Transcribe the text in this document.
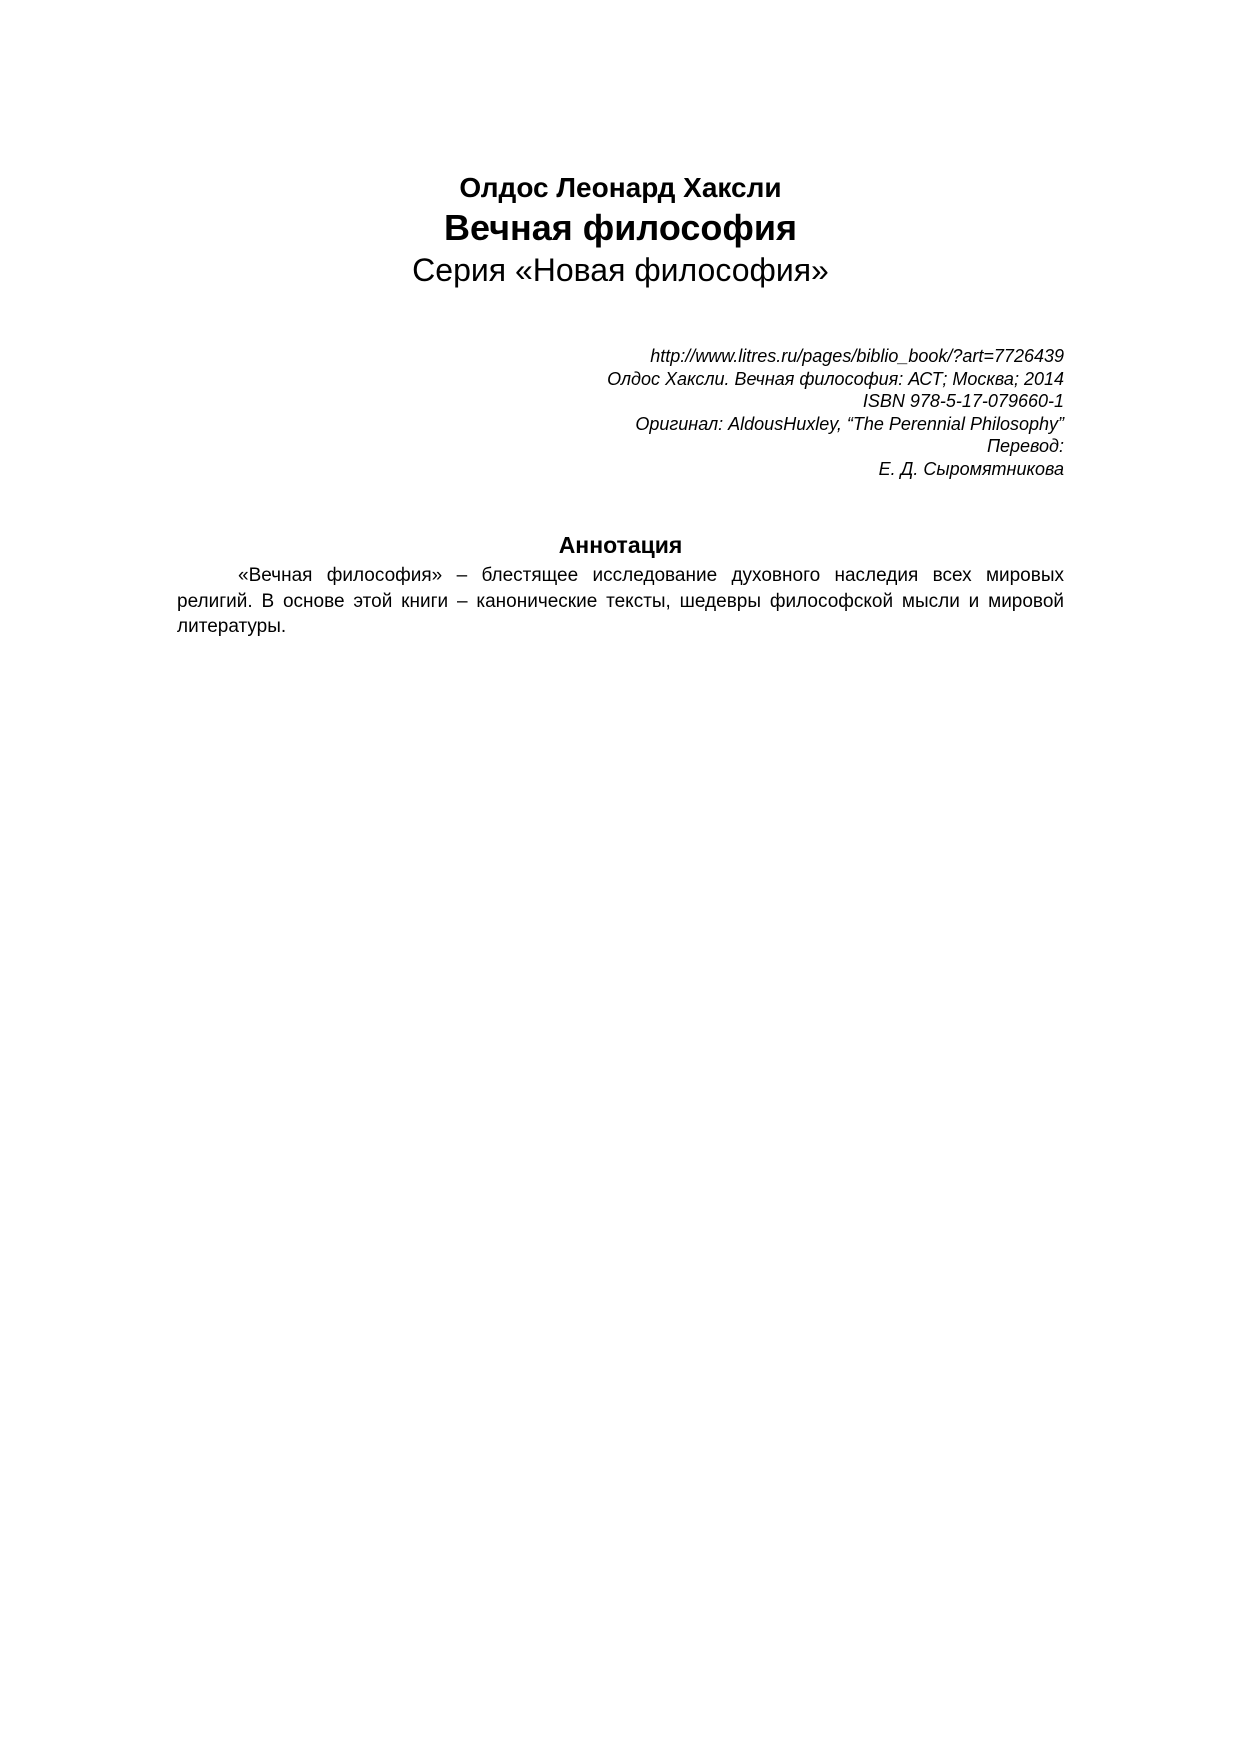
Олдос Леонард Хаксли
Вечная философия
Серия «Новая философия»
http://www.litres.ru/pages/biblio_book/?art=7726439
Олдос Хаксли. Вечная философия: АСТ; Москва; 2014
ISBN 978-5-17-079660-1
Оригинал: AldousHuxley, “The Perennial Philosophy”
Перевод:
Е. Д. Сыромятникова
Аннотация

«Вечная философия» – блестящее исследование духовного наследия всех мировых религий. В основе этой книги – канонические тексты, шедевры философской мысли и мировой литературы.
